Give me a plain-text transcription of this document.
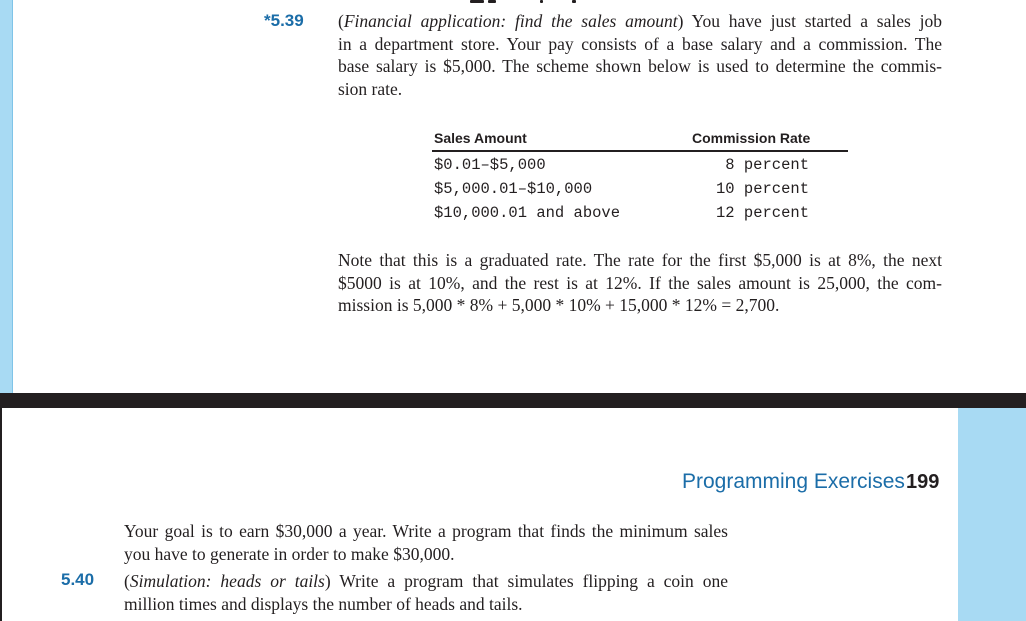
*5.39 (Financial application: find the sales amount) You have just started a sales job
in a department store. Your pay consists of a base salary and a commission. The
base salary is $5,000. The scheme shown below is used to determine the commis-
sion rate.
Sales Amount	Commission Rate
$0.01–$5,000	8 percent
$5,000.01–$10,000	10 percent
$10,000.01 and above	12 percent
Note that this is a graduated rate. The rate for the first $5,000 is at 8%, the next
$5000 is at 10%, and the rest is at 12%. If the sales amount is 25,000, the com-
mission is 5,000 * 8% + 5,000 * 10% + 15,000 * 12% = 2,700.
Programming Exercises 199
Your goal is to earn $30,000 a year. Write a program that finds the minimum sales
you have to generate in order to make $30,000.
5.40 (Simulation: heads or tails) Write a program that simulates flipping a coin one
million times and displays the number of heads and tails.
